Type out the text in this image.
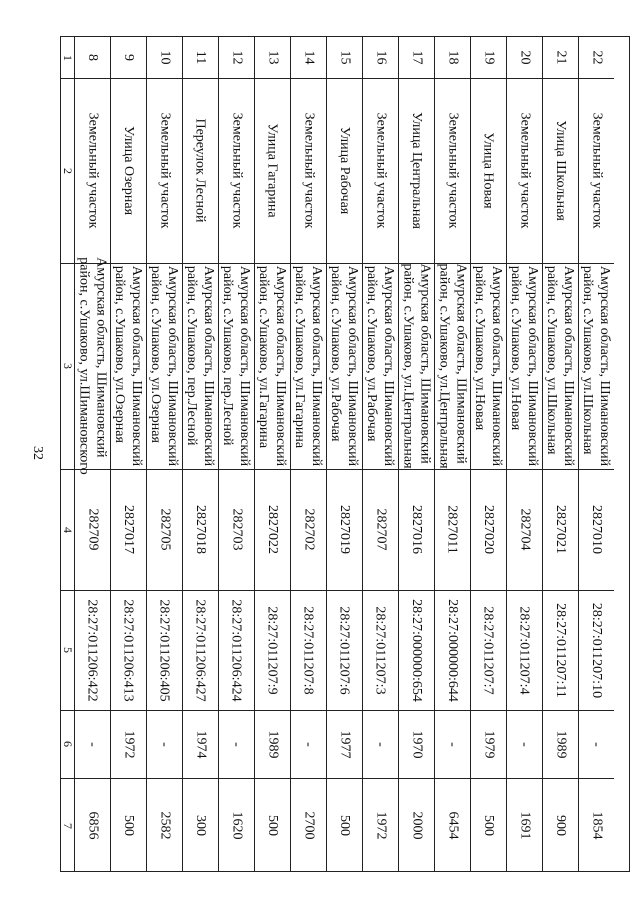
32
1
2
3
4
5
6
7
8
Земельный участок
Амурская область, Шимановский
район, с.Ушаково, ул.Шимановского
282709
28:27:011206:422
-
6856
9
Улица Озерная
Амурская область, Шимановский
район, с.Ушаково, ул.Озерная
2827017
28:27:011206:413
1972
500
10
Земельный участок
Амурская область, Шимановский
район, с.Ушаково, ул.Озерная
282705
28:27:011206:405
-
2582
11
Переулок Лесной
Амурская область, Шимановский
район, с.Ушаково, пер.Лесной
2827018
28:27:011206:427
1974
300
12
Земельный участок
Амурская область, Шимановский
район, с.Ушаково, пер.Лесной
282703
28:27:011206:424
-
1620
13
Улица Гагарина
Амурская область, Шимановский
район, с.Ушаково, ул.Гагарина
2827022
28:27:011207:9
1989
500
14
Земельный участок
Амурская область, Шимановский
район, с.Ушаково, ул.Гагарина
282702
28:27:011207:8
-
2700
15
Улица Рабочая
Амурская область, Шимановский
район, с.Ушаково, ул.Рабочая
2827019
28:27:011207:6
1977
500
16
Земельный участок
Амурская область, Шимановский
район, с.Ушаково, ул.Рабочая
282707
28:27:011207:3
-
1972
17
Улица Центральная
Амурская область, Шимановский
район, с.Ушаково, ул.Центральная
2827016
28:27:000000:654
1970
2000
18
Земельный участок
Амурская область, Шимановский
район, с.Ушаково, ул.Центральная
2827011
28:27:000000:644
-
6454
19
Улица Новая
Амурская область, Шимановский
район, с.Ушаково, ул.Новая
2827020
28:27:011207:7
1979
500
20
Земельный участок
Амурская область, Шимановский
район, с.Ушаково, ул.Новая
282704
28:27:011207:4
-
1691
21
Улица Школьная
Амурская область, Шимановский
район, с.Ушаково, ул.Школьная
2827021
28:27:011207:11
1989
900
22
Земельный участок
Амурская область, Шимановский
район, с.Ушаково, ул.Школьная
2827010
28:27:011207:10
-
1854
